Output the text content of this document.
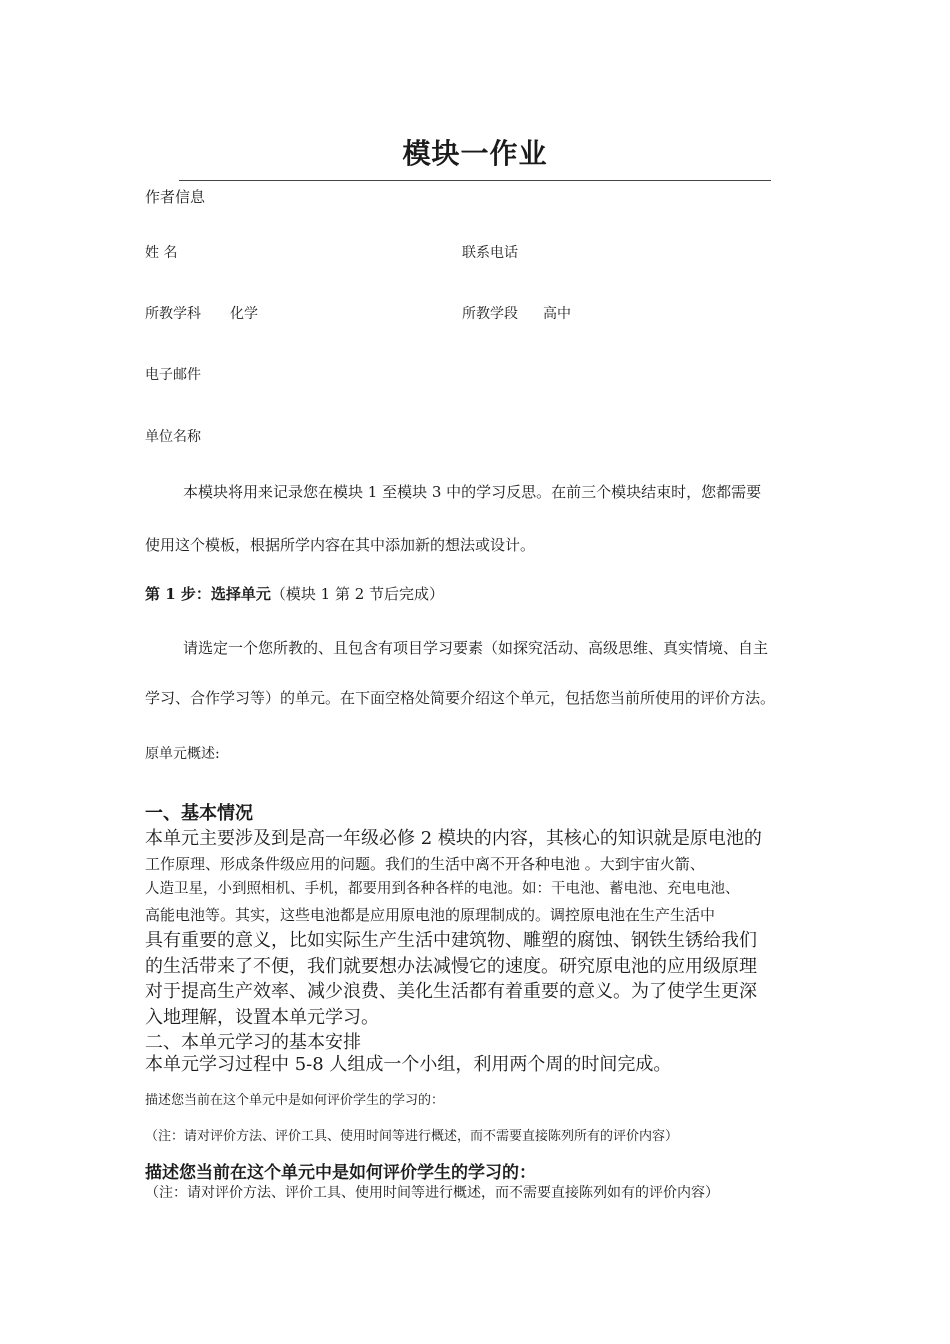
模块一作业
作者信息
姓 名	联系电话
所教学科 化学	所教学段 高中
电子邮件
单位名称
本模块将用来记录您在模块 1 至模块 3 中的学习反思。在前三个模块结束时，您都需要
使用这个模板，根据所学内容在其中添加新的想法或设计。
第 1 步：选择单元（模块 1 第 2 节后完成）
请选定一个您所教的、且包含有项目学习要素（如探究活动、高级思维、真实情境、自主
学习、合作学习等）的单元。在下面空格处简要介绍这个单元，包括您当前所使用的评价方法。
原单元概述:
一、基本情况
本单元主要涉及到是高一年级必修 2 模块的内容，其核心的知识就是原电池的
工作原理、形成条件级应用的问题。我们的生活中离不开各种电池 。大到宇宙火箭、
人造卫星，小到照相机、手机，都要用到各种各样的电池。如：干电池、蓄电池、充电电池、
高能电池等。其实，这些电池都是应用原电池的原理制成的。调控原电池在生产生活中
具有重要的意义，比如实际生产生活中建筑物、雕塑的腐蚀、钢铁生锈给我们
的生活带来了不便，我们就要想办法减慢它的速度。研究原电池的应用级原理
对于提高生产效率、减少浪费、美化生活都有着重要的意义。为了使学生更深
入地理解，设置本单元学习。
二、本单元学习的基本安排
本单元学习过程中 5-8 人组成一个小组，利用两个周的时间完成。
描述您当前在这个单元中是如何评价学生的学习的：
（注：请对评价方法、评价工具、使用时间等进行概述，而不需要直接陈列所有的评价内容）
描述您当前在这个单元中是如何评价学生的学习的：
（注：请对评价方法、评价工具、使用时间等进行概述，而不需要直接陈列如有的评价内容）
